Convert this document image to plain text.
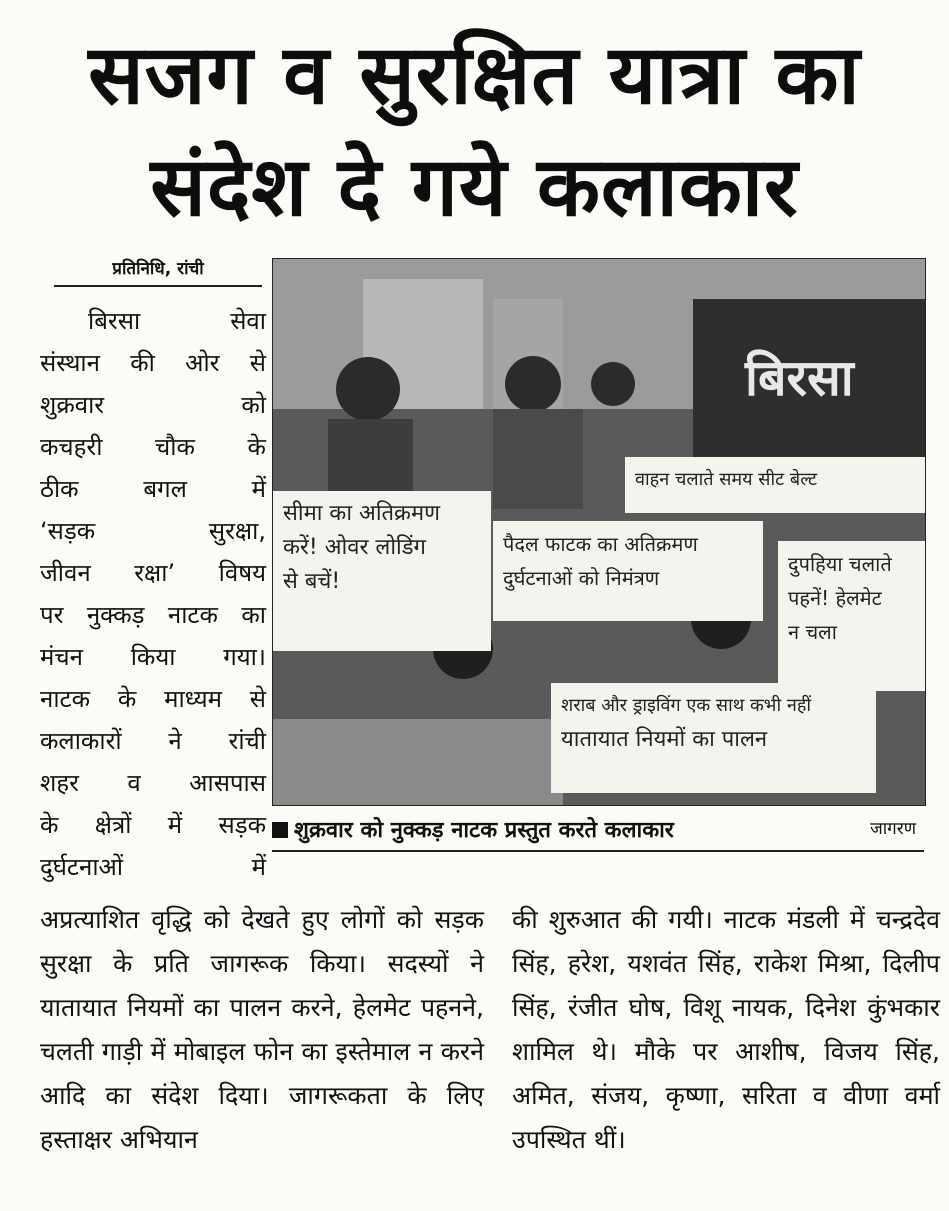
सजग व सुरक्षित यात्रा का
संदेश दे गये कलाकार
प्रतिनिधि, रांची
बिरसा सेवा
संस्थान की ओर से
शुक्रवार को
कचहरी चौक के
ठीक बगल में
‘सड़क सुरक्षा,
जीवन रक्षा’ विषय
पर नुक्कड़ नाटक का
मंचन किया गया।
नाटक के माध्यम से
कलाकारों ने रांची
शहर व आसपास
के क्षेत्रों में सड़क
दुर्घटनाओं में
सीमा का अतिक्रमण
करें! ओवर लोडिंग
से बचें!
वाहन चलाते समय सीट बेल्ट
पैदल फाटक का अतिक्रमण
दुर्घटनाओं को निमंत्रण
दुपहिया चलाते
पहनें! हेलमेट
न चला
शराब और ड्राइविंग एक साथ कभी नहीं
यातायात नियमों का पालन
बिरसा
शुक्रवार को नुक्कड़ नाटक प्रस्तुत करते कलाकार	जागरण
अप्रत्याशित वृद्धि को देखते हुए लोगों को सड़क सुरक्षा के प्रति जागरूक किया। सदस्यों ने यातायात नियमों का पालन करने, हेलमेट पहनने, चलती गाड़ी में मोबाइल फोन का इस्तेमाल न करने आदि का संदेश दिया। जागरूकता के लिए हस्ताक्षर अभियान
की शुरुआत की गयी। नाटक मंडली में चन्द्रदेव सिंह, हरेश, यशवंत सिंह, राकेश मिश्रा, दिलीप सिंह, रंजीत घोष, विशू नायक, दिनेश कुंभकार शामिल थे। मौके पर आशीष, विजय सिंह, अमित, संजय, कृष्णा, सरिता व वीणा वर्मा उपस्थित थीं।
